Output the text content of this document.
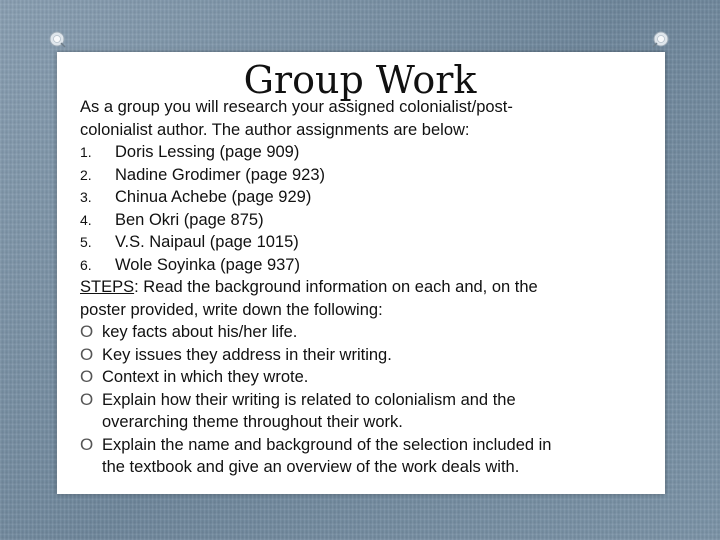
Group Work
As a group you will research your assigned colonialist/post-
colonialist author. The author assignments are below:
1. Doris Lessing (page 909)
2. Nadine Grodimer (page 923)
3. Chinua Achebe (page 929)
4. Ben Okri (page 875)
5. V.S. Naipaul (page 1015)
6. Wole Soyinka (page 937)
STEPS: Read the background information on each and, on the
poster provided, write down the following:
O key facts about his/her life.
O Key issues they address in their writing.
O Context in which they wrote.
O Explain how their writing is related to colonialism and the
overarching theme throughout their work.
O Explain the name and background of the selection included in
the textbook and give an overview of the work deals with.
